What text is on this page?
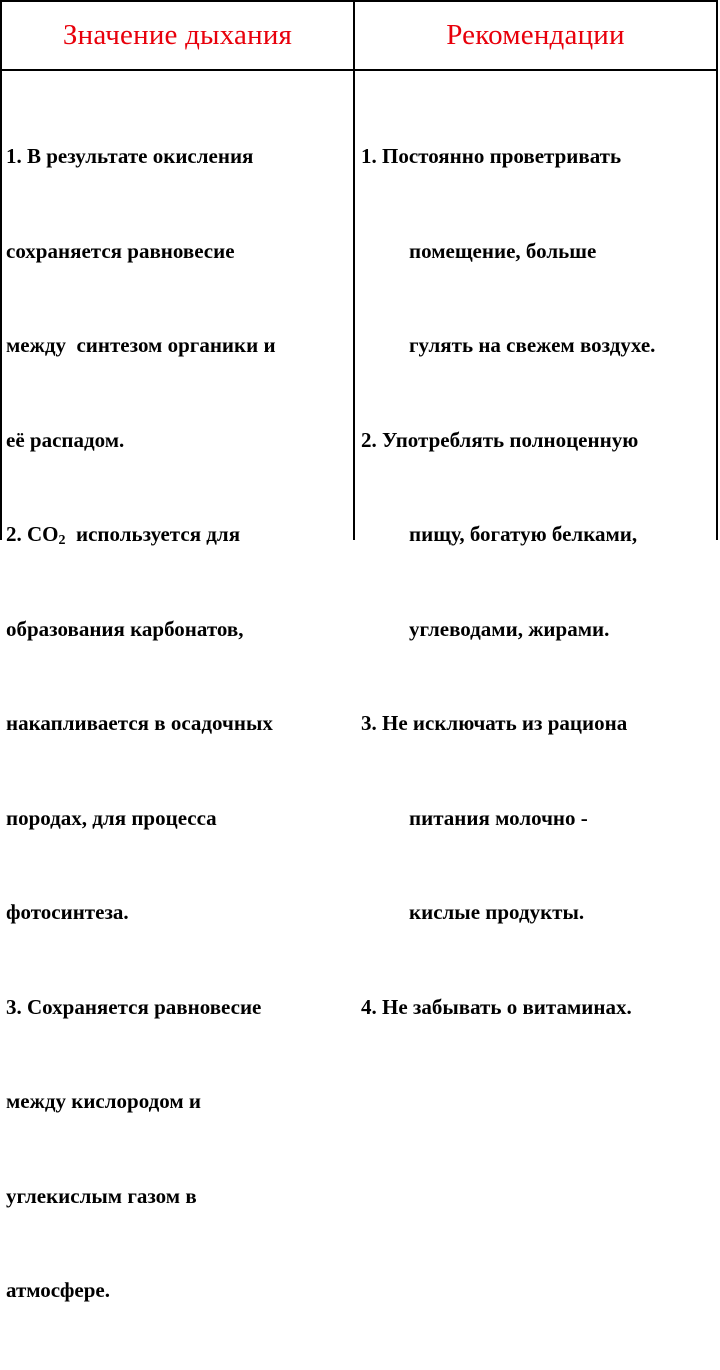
Значение дыхания	Рекомендации

1. В результате окисления

сохраняется равновесие

между  синтезом органики и

её распадом.

2. $СО_2$  используется для

образования карбонатов,

накапливается в осадочных

породах, для процесса

фотосинтеза.

3. Сохраняется равновесие

между кислородом и

углекислым газом в

атмосфере.

1. Постоянно проветривать

помещение, больше

гулять на свежем воздухе.

2. Употреблять полноценную

пищу, богатую белками,

углеводами, жирами.

3. Не исключать из рациона

питания молочно -

кислые продукты.

4. Не забывать о витаминах.
